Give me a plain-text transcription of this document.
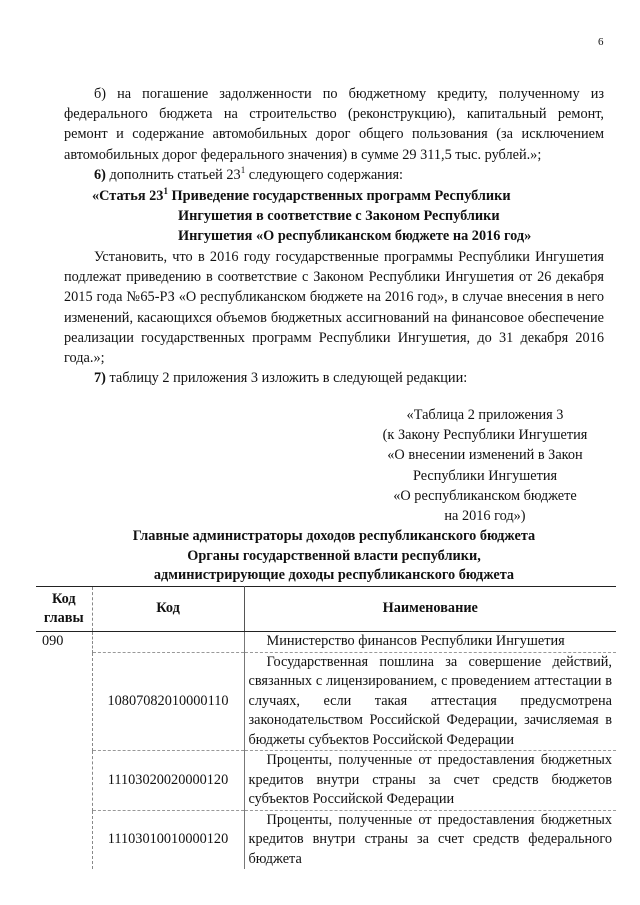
6

б) на погашение задолженности по бюджетному кредиту, полученному из федерального бюджета на строительство (реконструкцию), капитальный ремонт, ремонт и содержание автомобильных дорог общего пользования (за исключением автомобильных дорог федерального значения) в сумме 29 311,5 тыс. рублей.»;

6) дополнить статьей $23^1$ следующего содержания:

«Статья $23^1$ Приведение государственных программ Республики
Ингушетия в соответствие с Законом Республики
Ингушетия «О республиканском бюджете на 2016 год»

Установить, что в 2016 году государственные программы Республики Ингушетия подлежат приведению в соответствие с Законом Республики Ингушетия от 26 декабря 2015 года №65-РЗ «О республиканском бюджете на 2016 год», в случае внесения в него изменений, касающихся объемов бюджетных ассигнований на финансовое обеспечение реализации государственных программ Республики Ингушетия, до 31 декабря 2016 года.»;

7) таблицу 2 приложения 3 изложить в следующей редакции:

«Таблица 2 приложения 3
(к Закону Республики Ингушетия
«О внесении изменений в Закон
Республики Ингушетия
«О республиканском бюджете
на 2016 год»)
Главные администраторы доходов республиканского бюджета
Органы государственной власти республики,
администрирующие доходы республиканского бюджета
Код главы	Код	Наименование
090		Министерство финансов Республики Ингушетия

	10807082010000110	Государственная пошлина за совершение действий, связанных с лицензированием, с проведением аттестации в случаях, если такая аттестация предусмотрена законодательством Российской Федерации, зачисляемая в бюджеты субъектов Российской Федерации

	11103020020000120	Проценты, полученные от предоставления бюджетных кредитов внутри страны за счет средств бюджетов субъектов Российской Федерации

	11103010010000120	Проценты, полученные от предоставления бюджетных кредитов внутри страны за счет средств федерального бюджета
